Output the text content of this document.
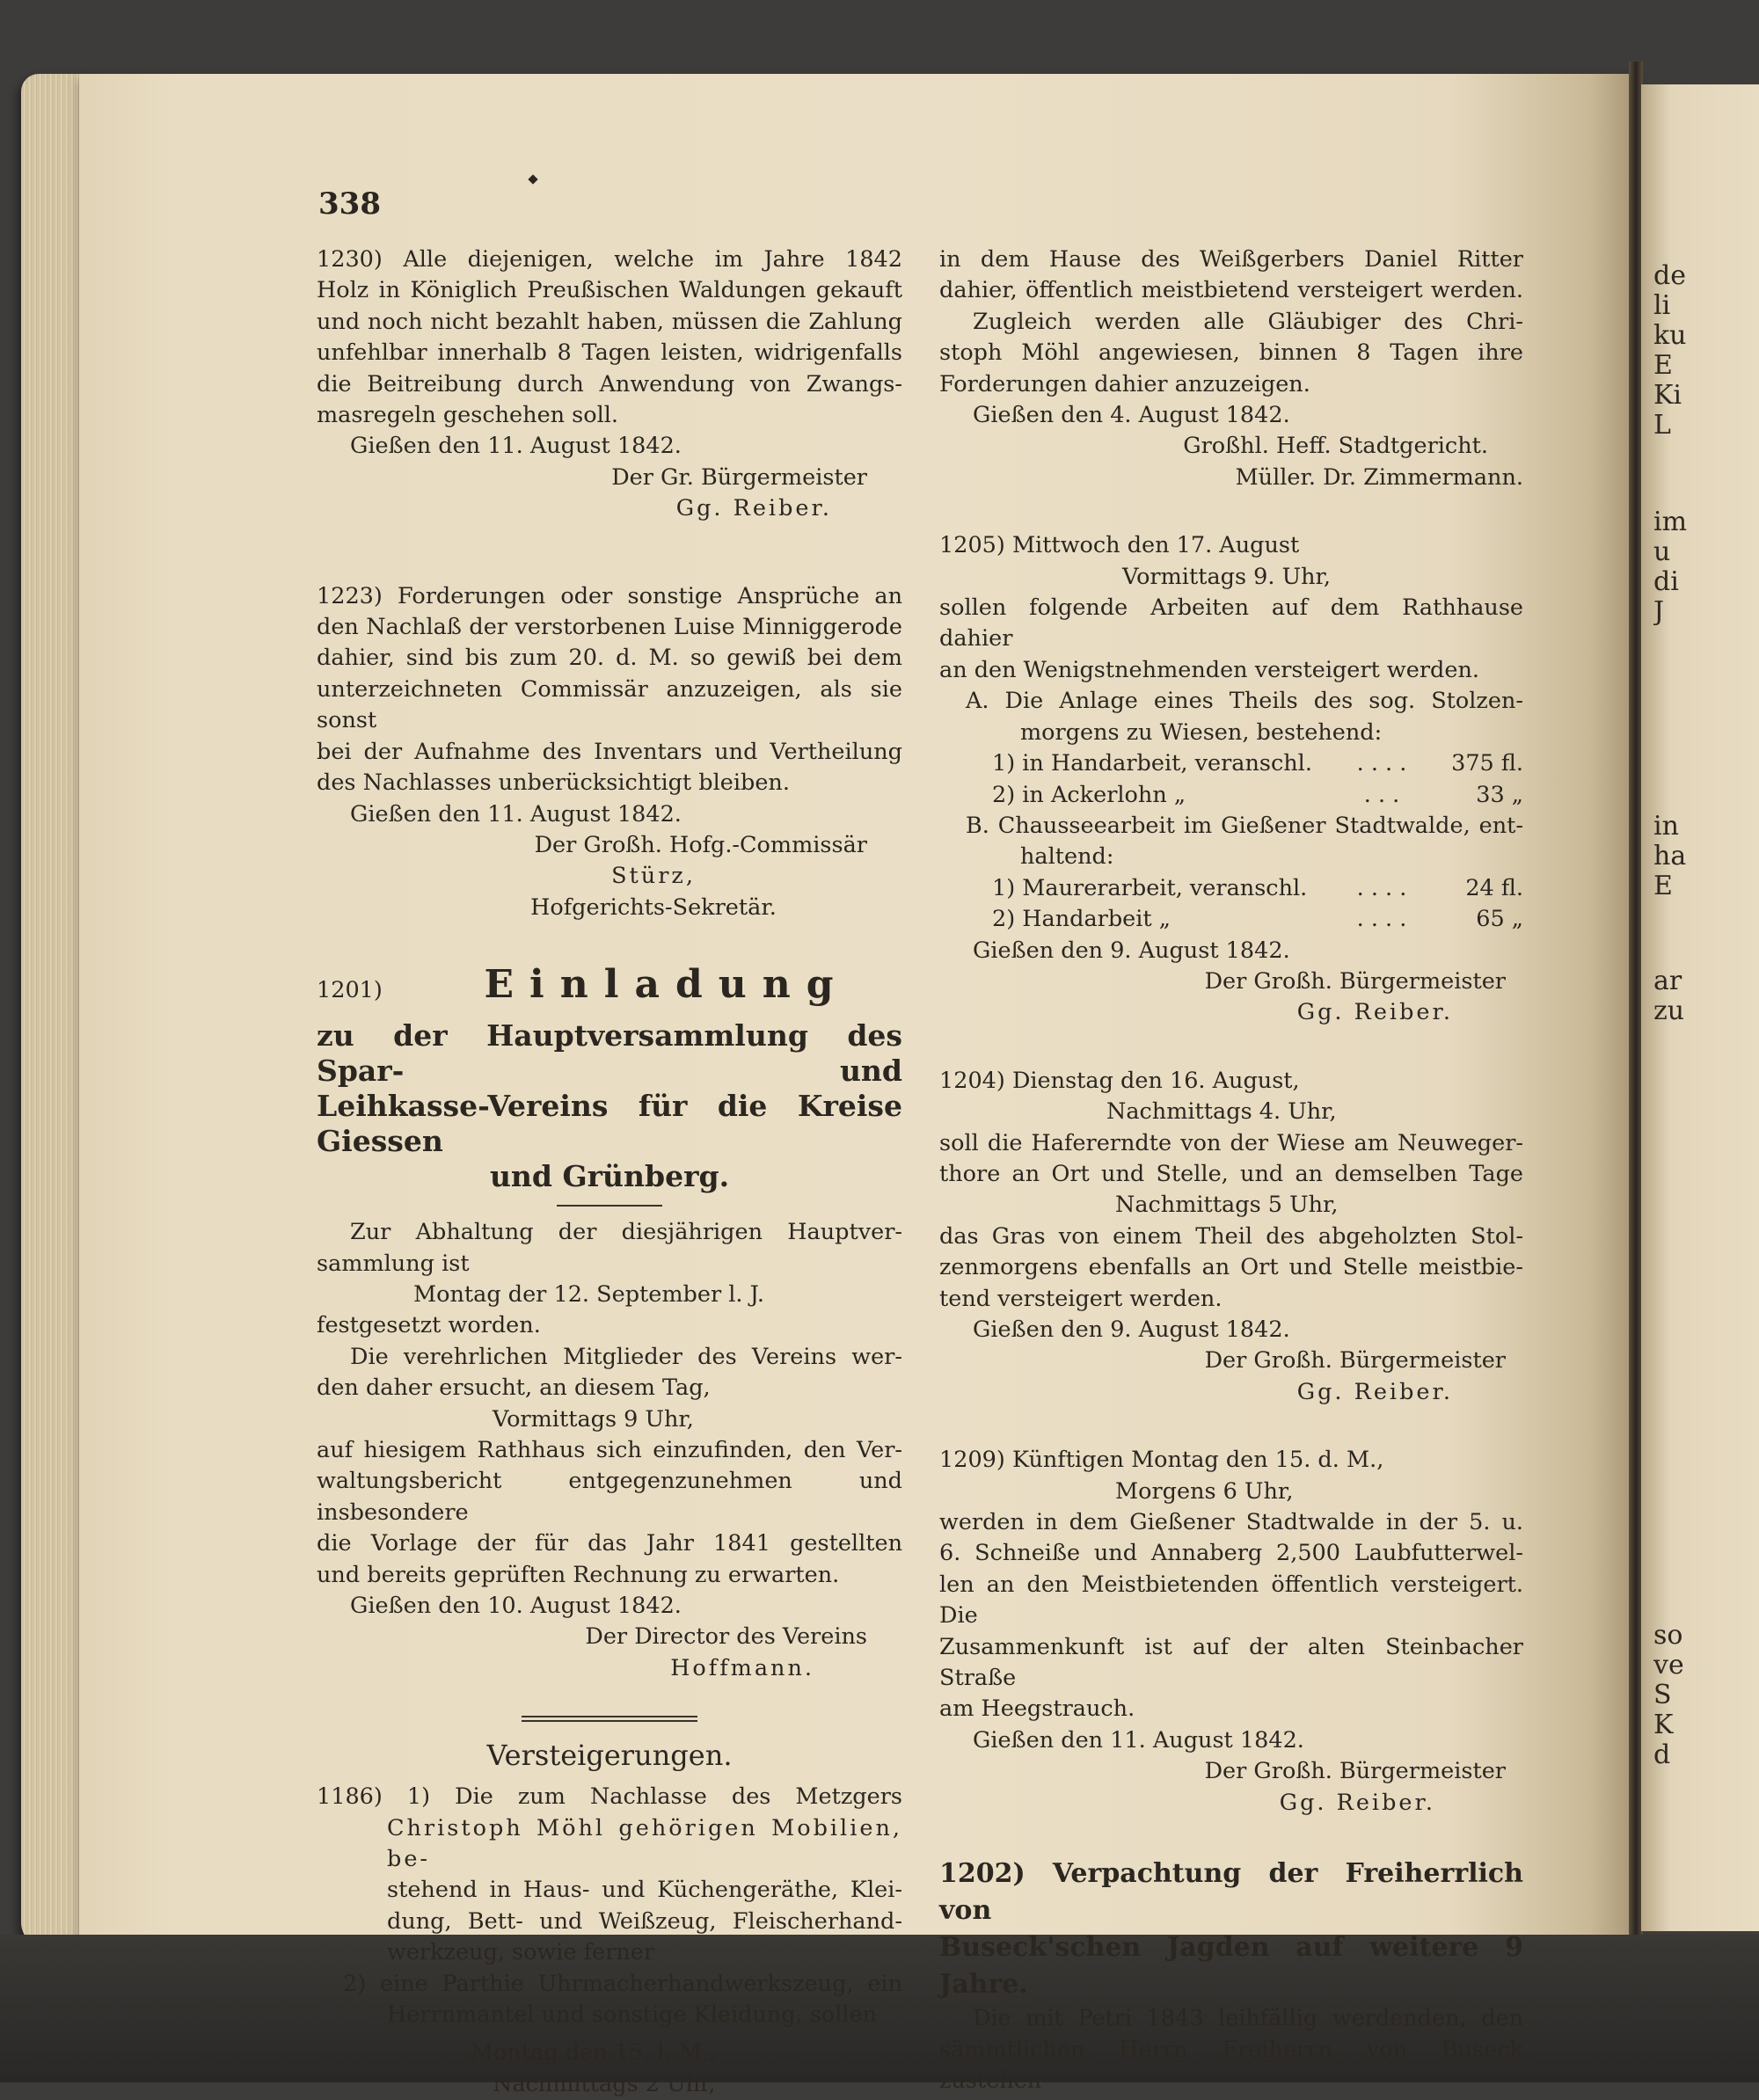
de
li
ku
E
Ki
L
im
u
di
J
in
ha
E
ar
zu
so
ve
S
K
d
338

1230) Alle diejenigen, welche im Jahre 1842

Holz in Königlich Preußischen Waldungen gekauft

und noch nicht bezahlt haben, müssen die Zahlung

unfehlbar innerhalb 8 Tagen leisten, widrigenfalls

die Beitreibung durch Anwendung von Zwangs-

masregeln geschehen soll.

Gießen den 11. August 1842.

Der Gr. Bürgermeister

Gg. Reiber.

1223) Forderungen oder sonstige Ansprüche an

den Nachlaß der verstorbenen Luise Minniggerode

dahier, sind bis zum 20. d. M. so gewiß bei dem

unterzeichneten Commissär anzuzeigen, als sie sonst

bei der Aufnahme des Inventars und Vertheilung

des Nachlasses unberücksichtigt bleiben.

Gießen den 11. August 1842.

Der Großh. Hofg.-Commissär

Stürz,

Hofgerichts-Sekretär.

1201)	Einladung

zu der Hauptversammlung des Spar- und

Leihkasse-Vereins für die Kreise Giessen

und Grünberg.

Zur Abhaltung der diesjährigen Hauptver-

sammlung ist

Montag der 12. September l. J.

festgesetzt worden.

Die verehrlichen Mitglieder des Vereins wer-

den daher ersucht, an diesem Tag,

Vormittags 9 Uhr,

auf hiesigem Rathhaus sich einzufinden, den Ver-

waltungsbericht entgegenzunehmen und insbesondere

die Vorlage der für das Jahr 1841 gestellten

und bereits geprüften Rechnung zu erwarten.

Gießen den 10. August 1842.

Der Director des Vereins

Hoffmann.

Versteigerungen.

1186) 1) Die zum Nachlasse des Metzgers

Christoph Möhl gehörigen Mobilien, be-

stehend in Haus- und Küchengeräthe, Klei-

dung, Bett- und Weißzeug, Fleischerhand-

werkzeug, sowie ferner

2) eine Parthie Uhrmacherhandwerkszeug, ein

Herrnmantel und sonstige Kleidung, sollen

Montag den 15. l. M.,

Nachmittags 2 Uhr,

in dem Hause des Weißgerbers Daniel Ritter

dahier, öffentlich meistbietend versteigert werden.

Zugleich werden alle Gläubiger des Chri-

stoph Möhl angewiesen, binnen 8 Tagen ihre

Forderungen dahier anzuzeigen.

Gießen den 4. August 1842.

Großhl. Heff. Stadtgericht.

Müller. Dr. Zimmermann.

1205) Mittwoch den 17. August

Vormittags 9. Uhr,

sollen folgende Arbeiten auf dem Rathhause dahier

an den Wenigstnehmenden versteigert werden.

A. Die Anlage eines Theils des sog. Stolzen-

morgens zu Wiesen, bestehend:

1) in Handarbeit, veranschl.	. . . .	375 fl.
2) in Ackerlohn „	. . .	33 „

B. Chausseearbeit im Gießener Stadtwalde, ent-

haltend:

1) Maurerarbeit, veranschl.	. . . .	24 fl.
2) Handarbeit „	. . . .	65 „

Gießen den 9. August 1842.

Der Großh. Bürgermeister

Gg. Reiber.

1204) Dienstag den 16. August,

Nachmittags 4. Uhr,

soll die Hafererndte von der Wiese am Neuweger-

thore an Ort und Stelle, und an demselben Tage

Nachmittags 5 Uhr,

das Gras von einem Theil des abgeholzten Stol-

zenmorgens ebenfalls an Ort und Stelle meistbie-

tend versteigert werden.

Gießen den 9. August 1842.

Der Großh. Bürgermeister

Gg. Reiber.

1209) Künftigen Montag den 15. d. M.,

Morgens 6 Uhr,

werden in dem Gießener Stadtwalde in der 5. u.

6. Schneiße und Annaberg 2,500 Laubfutterwel-

len an den Meistbietenden öffentlich versteigert. Die

Zusammenkunft ist auf der alten Steinbacher Straße

am Heegstrauch.

Gießen den 11. August 1842.

Der Großh. Bürgermeister

Gg. Reiber.

1202) Verpachtung der Freiherrlich von

Buseck'schen Jagden auf weitere 9 Jahre.

Die mit Petri 1843 leihfällig werdenden, den

sämmtlichen Herrn Freiherrn von Buseck zustehen-
